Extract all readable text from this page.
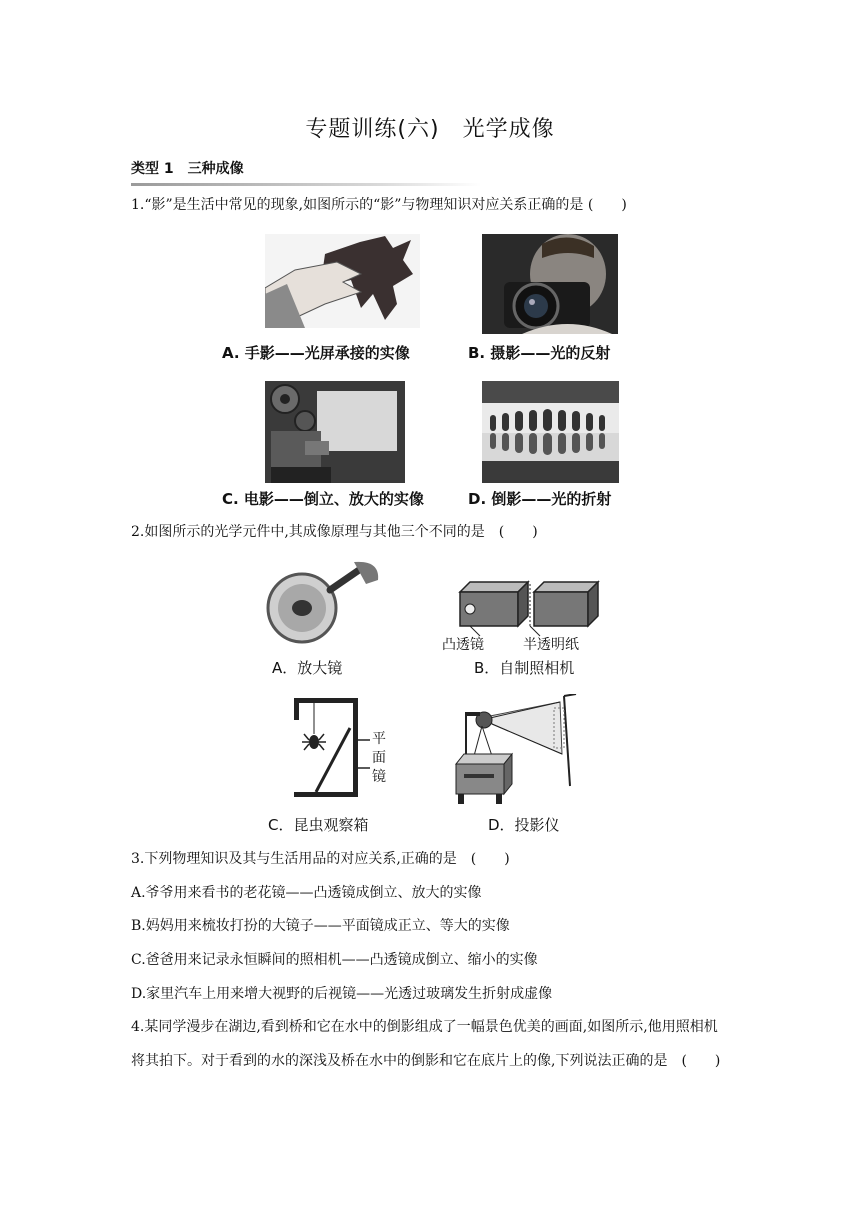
专题训练(六)　光学成像
类型 1　三种成像
1.“影”是生活中常见的现象,如图所示的“影”与物理知识对应关系正确的是 (　　)
A. 手影——光屏承接的实像	B. 摄影——光的反射
C. 电影——倒立、放大的实像	D. 倒影——光的折射
2.如图所示的光学元件中,其成像原理与其他三个不同的是　(　　)
A．放大镜
凸透镜	半透明纸
B．自制照相机
平
面
镜
C．昆虫观察箱	D．投影仪
3.下列物理知识及其与生活用品的对应关系,正确的是　(　　)
A.爷爷用来看书的老花镜——凸透镜成倒立、放大的实像
B.妈妈用来梳妆打扮的大镜子——平面镜成正立、等大的实像
C.爸爸用来记录永恒瞬间的照相机——凸透镜成倒立、缩小的实像
D.家里汽车上用来增大视野的后视镜——光透过玻璃发生折射成虚像
4.某同学漫步在湖边,看到桥和它在水中的倒影组成了一幅景色优美的画面,如图所示,他用照相机将其拍下。对于看到的水的深浅及桥在水中的倒影和它在底片上的像,下列说法正确的是　(　　)
